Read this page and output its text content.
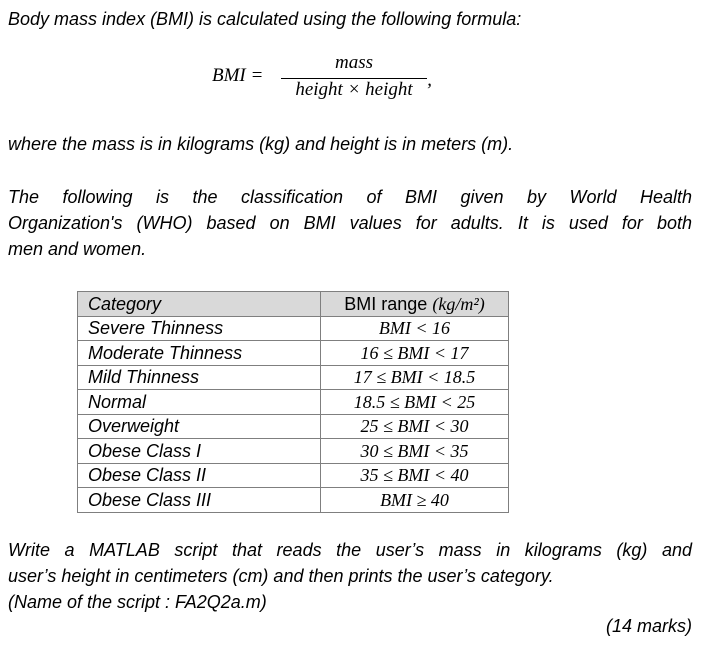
Body mass index (BMI) is calculated using the following formula:

BMI =
mass
height × height ’

where the mass is in kilograms (kg) and height is in meters (m).

The following is the classification of BMI given by World Health
Organization's (WHO) based on BMI values for adults. It is used for both
men and women.
Category	BMI range (kg/m²)
Severe Thinness	BMI < 16
Moderate Thinness	16 ≤ BMI < 17
Mild Thinness	17 ≤ BMI < 18.5
Normal	18.5 ≤ BMI < 25
Overweight	25 ≤ BMI < 30
Obese Class I	30 ≤ BMI < 35
Obese Class II	35 ≤ BMI < 40
Obese Class III	BMI ≥ 40
Write a MATLAB script that reads the user’s mass in kilograms (kg) and
user’s height in centimeters (cm) and then prints the user’s category.
(Name of the script : FA2Q2a.m)
(14 marks)
